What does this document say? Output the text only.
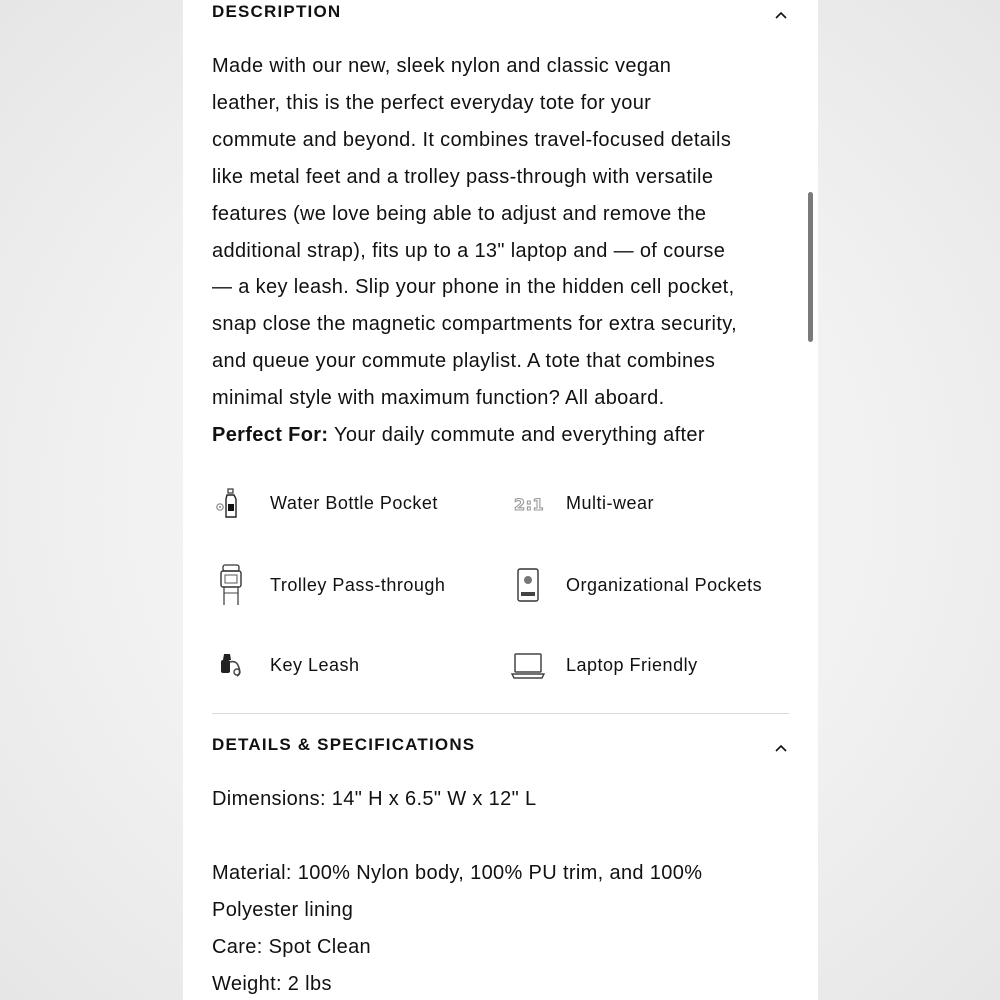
DESCRIPTION
Made with our new, sleek nylon and classic vegan
leather, this is the perfect everyday tote for your
commute and beyond. It combines travel-focused details
like metal feet and a trolley pass-through with versatile
features (we love being able to adjust and remove the
additional strap), fits up to a 13" laptop and — of course
— a key leash. Slip your phone in the hidden cell pocket,
snap close the magnetic compartments for extra security,
and queue your commute playlist. A tote that combines
minimal style with maximum function? All aboard.
Perfect For: Your daily commute and everything after
Water Bottle Pocket	2:1 Multi-wear
Trolley Pass-through	Organizational Pockets
Key Leash	Laptop Friendly
DETAILS & SPECIFICATIONS
Dimensions: 14" H x 6.5" W x 12" L
Material: 100% Nylon body, 100% PU trim, and 100%
Polyester lining
Care: Spot Clean
Weight: 2 lbs
